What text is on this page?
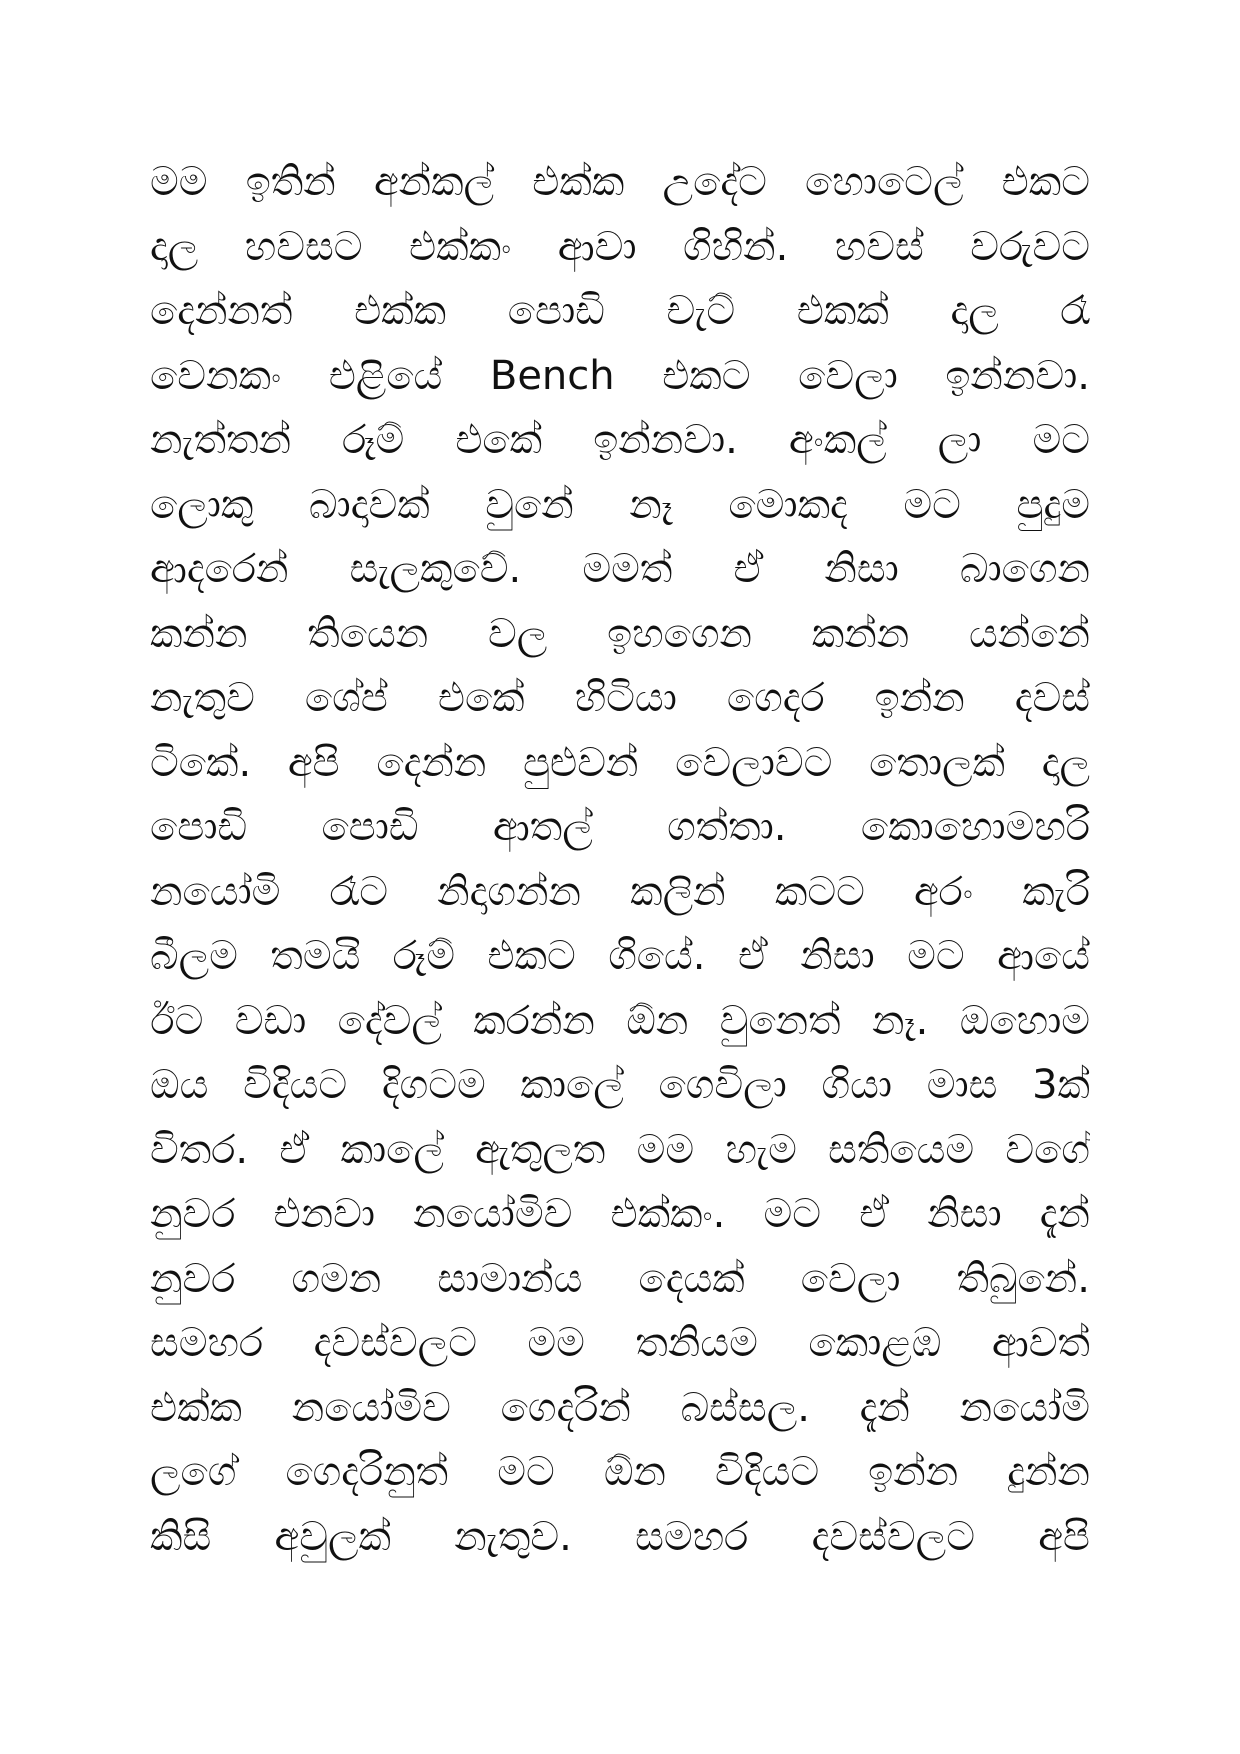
මම ඉතින් අන්කල් එක්ක උදේට හොටෙල් එකට
දාල හවසට එක්කං ආවා ගිහින්. හවස් වරුවට
දෙන්නත් එක්ක පොඩි චැට් එකක් දාල රෑ
වෙනකං එළියේ Bench එකට වෙලා ඉන්නවා.
නැත්තන් රූම් එකේ ඉන්නවා. අංකල් ලා මට
ලොකු බාදාවක් වුනේ නෑ මොකද මට පුදුම
ආදරෙන් සැලකුවේ. මමත් ඒ නිසා බාගෙන
කන්න තියෙන වල ඉහගෙන කන්න යන්නේ
නැතුව ශේප් එකේ හිටියා ගෙදර ඉන්න දවස්
ටිකේ. අපි දෙන්න පුළුවන් වෙලාවට තොලක් දාල
පොඩි පොඩි ආතල් ගත්තා. කොහොමහරි
නයෝමි රෑට නිදාගන්න කලින් කටට අරං කැරි
බීලම තමයි රූම් එකට ගියේ. ඒ නිසා මට ආයේ
ඊට වඩා දේවල් කරන්න ඕන වුනෙත් නෑ. ඔහොම
ඔය විදියට දිගටම කාලේ ගෙවිලා ගියා මාස 3ක්
විතර. ඒ කාලේ ඇතුලත මම හැම සතියෙම වගේ
නුවර එනවා නයෝමිව එක්කං. මට ඒ නිසා දැන්
නුවර ගමන සාමාන්ය දෙයක් වෙලා තිබුනේ.
සමහර දවස්වලට මම තනියම කොළඹ ආවත්
එක්ක නයෝමිව ගෙදරින් බස්සල. දැන් නයෝමි
ලගේ ගෙදරිනුත් මට ඕන විදියට ඉන්න දුන්න
කිසි අවුලක් නැතුව. සමහර දවස්වලට අපි
